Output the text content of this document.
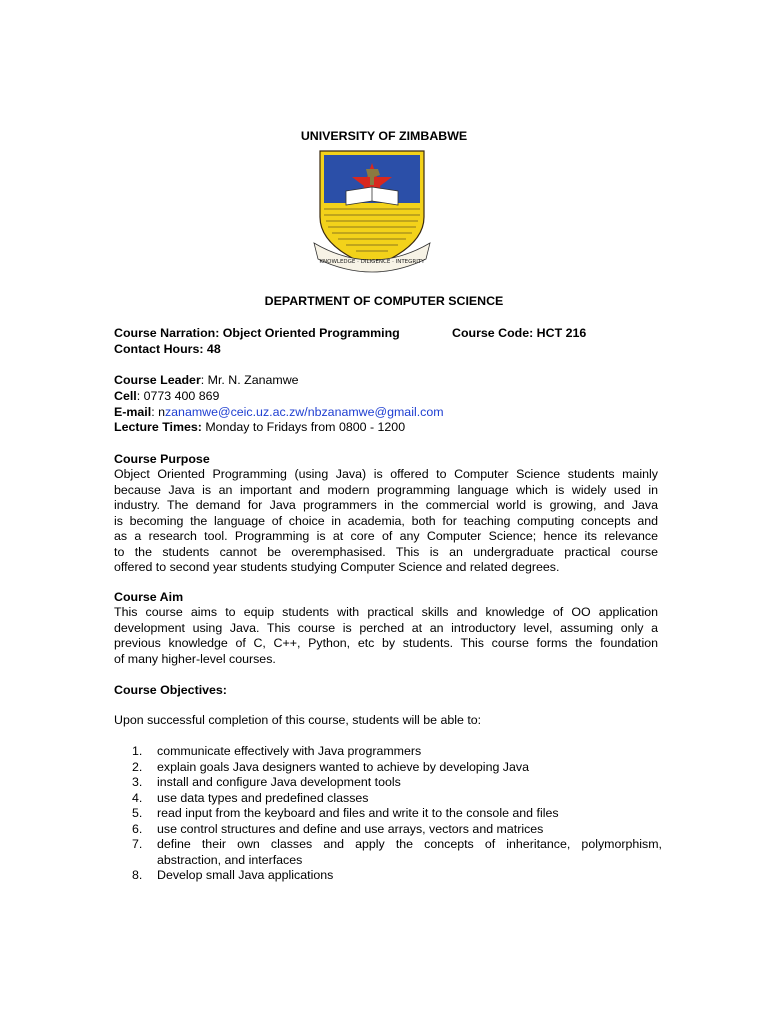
UNIVERSITY OF ZIMBABWE
KNOWLEDGE · DILIGENCE · INTEGRITY
DEPARTMENT OF COMPUTER SCIENCE
Course Narration: Object Oriented Programming	Course Code: HCT 216
Contact Hours: 48
Course Leader: Mr. N. Zanamwe
Cell: 0773 400 869
E-mail: nzanamwe@ceic.uz.ac.zw/nbzanamwe@gmail.com
Lecture Times: Monday to Fridays from 0800 - 1200
Course Purpose
Object Oriented Programming (using Java) is offered to Computer Science students mainly
because Java is an important and modern programming language which is widely used in
industry. The demand for Java programmers in the commercial world is growing, and Java
is becoming the language of choice in academia, both for teaching computing concepts and
as a research tool. Programming is at core of any Computer Science; hence its relevance
to the students cannot be overemphasised. This is an undergraduate practical course
offered to second year students studying Computer Science and related degrees.
Course Aim
This course aims to equip students with practical skills and knowledge of OO application
development using Java. This course is perched at an introductory level, assuming only a
previous knowledge of C, C++, Python, etc by students. This course forms the foundation
of many higher-level courses.
Course Objectives:
Upon successful completion of this course, students will be able to:
1. communicate effectively with Java programmers
2. explain goals Java designers wanted to achieve by developing Java
3. install and configure Java development tools
4. use data types and predefined classes
5. read input from the keyboard and files and write it to the console and files
6. use control structures and define and use arrays, vectors and matrices
7. define their own classes and apply the concepts of inheritance, polymorphism,
abstraction, and interfaces
8. Develop small Java applications
